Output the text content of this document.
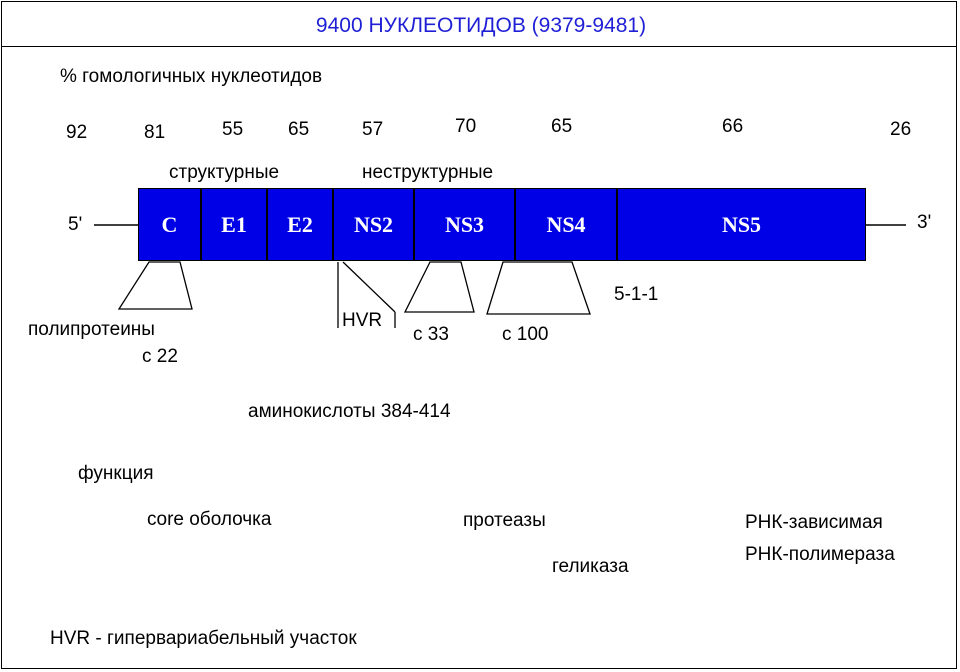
9400 НУКЛЕОТИДОВ (9379-9481)
% гомологичных нуклеотидов
92	81	55 65	57	70	65	66	26
структурные	неструктурные
5'	3'
C	E1	E2	NS2	NS3	NS4	NS5
полипротеины
c 22
HVR
c 33	c 100
5-1-1
аминокислоты 384-414
функция
core оболочка	протеазы
геликаза
РНК-зависимая
РНК-полимераза
HVR - гипервариабельный участок
